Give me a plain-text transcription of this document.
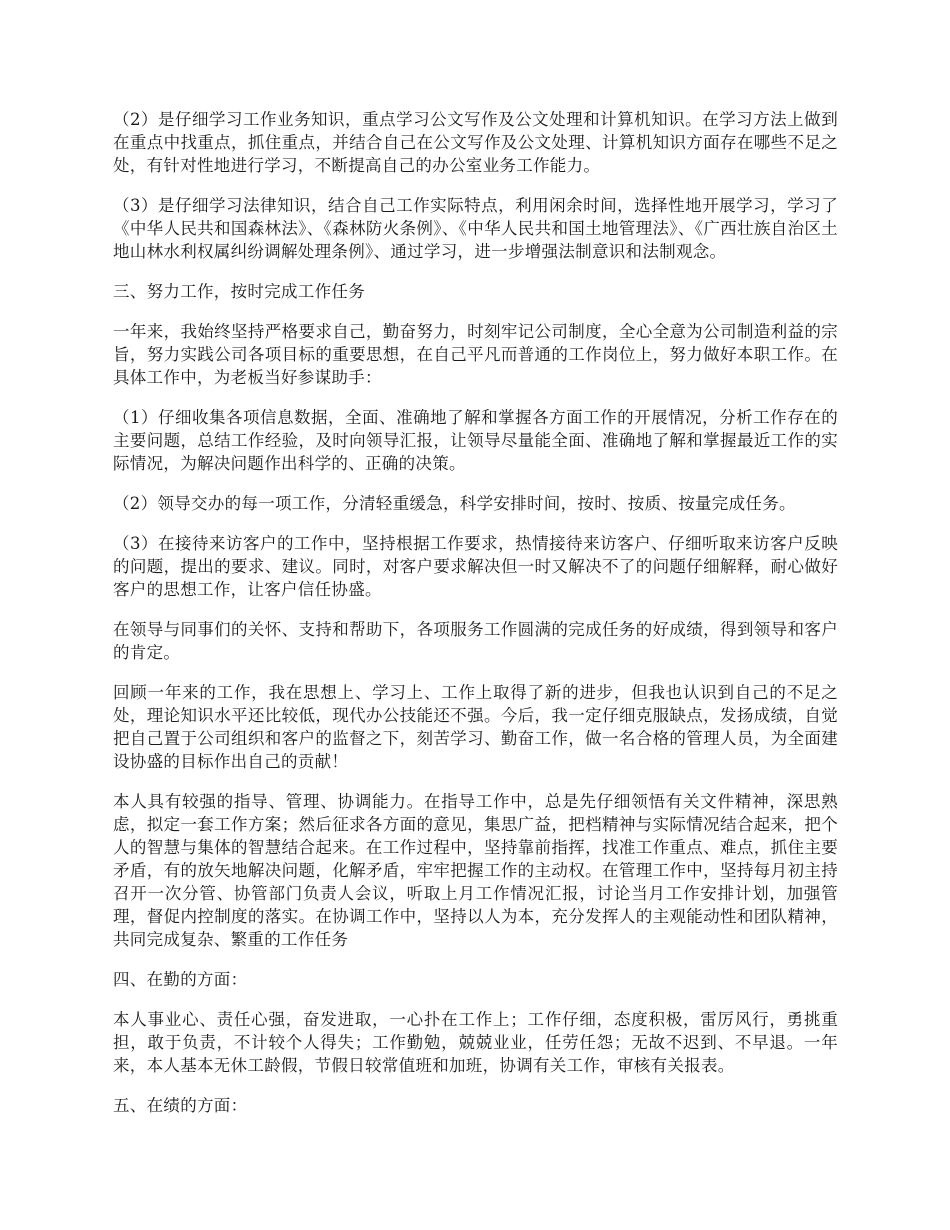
（2）是仔细学习工作业务知识，重点学习公文写作及公文处理和计算机知识。在学习方法上做到在重点中找重点，抓住重点，并结合自己在公文写作及公文处理、计算机知识方面存在哪些不足之处，有针对性地进行学习，不断提高自己的办公室业务工作能力。

（3）是仔细学习法律知识，结合自己工作实际特点，利用闲余时间，选择性地开展学习，学习了《中华人民共和国森林法》、《森林防火条例》、《中华人民共和国土地管理法》、《广西壮族自治区土地山林水利权属纠纷调解处理条例》、通过学习，进一步增强法制意识和法制观念。

三、努力工作，按时完成工作任务

一年来，我始终坚持严格要求自己，勤奋努力，时刻牢记公司制度，全心全意为公司制造利益的宗旨，努力实践公司各项目标的重要思想，在自己平凡而普通的工作岗位上，努力做好本职工作。在具体工作中，为老板当好参谋助手：

（1）仔细收集各项信息数据，全面、准确地了解和掌握各方面工作的开展情况，分析工作存在的主要问题，总结工作经验，及时向领导汇报，让领导尽量能全面、准确地了解和掌握最近工作的实际情况，为解决问题作出科学的、正确的决策。

（2）领导交办的每一项工作，分清轻重缓急，科学安排时间，按时、按质、按量完成任务。

（3）在接待来访客户的工作中，坚持根据工作要求，热情接待来访客户、仔细听取来访客户反映的问题，提出的要求、建议。同时，对客户要求解决但一时又解决不了的问题仔细解释，耐心做好客户的思想工作，让客户信任协盛。

在领导与同事们的关怀、支持和帮助下，各项服务工作圆满的完成任务的好成绩，得到领导和客户的肯定。

回顾一年来的工作，我在思想上、学习上、工作上取得了新的进步，但我也认识到自己的不足之处，理论知识水平还比较低，现代办公技能还不强。今后，我一定仔细克服缺点，发扬成绩，自觉把自己置于公司组织和客户的监督之下，刻苦学习、勤奋工作，做一名合格的管理人员，为全面建设协盛的目标作出自己的贡献！

本人具有较强的指导、管理、协调能力。在指导工作中，总是先仔细领悟有关文件精神，深思熟虑，拟定一套工作方案；然后征求各方面的意见，集思广益，把档精神与实际情况结合起来，把个人的智慧与集体的智慧结合起来。在工作过程中，坚持靠前指挥，找准工作重点、难点，抓住主要矛盾，有的放矢地解决问题，化解矛盾，牢牢把握工作的主动权。在管理工作中，坚持每月初主持召开一次分管、协管部门负责人会议，听取上月工作情况汇报，讨论当月工作安排计划，加强管理，督促内控制度的落实。在协调工作中，坚持以人为本，充分发挥人的主观能动性和团队精神，共同完成复杂、繁重的工作任务

四、在勤的方面：

本人事业心、责任心强，奋发进取，一心扑在工作上；工作仔细，态度积极，雷厉风行，勇挑重担，敢于负责，不计较个人得失；工作勤勉，兢兢业业，任劳任怨；无故不迟到、不早退。一年来，本人基本无休工龄假，节假日较常值班和加班，协调有关工作，审核有关报表。

五、在绩的方面：
